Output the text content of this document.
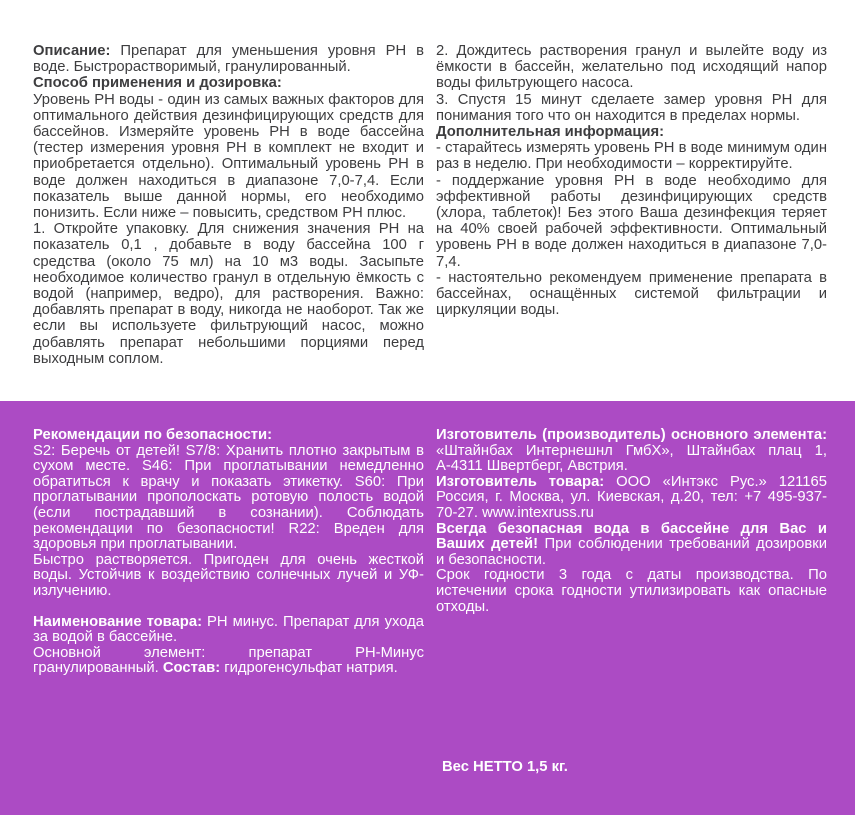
Описание: Препарат для уменьшения уровня PH в воде. Быстрорастворимый, гранулированный.

Способ применения и дозировка:

Уровень PH воды - один из самых важных факторов для оптимального действия дезинфицирующих средств для бассейнов. Измеряйте уровень PH в воде бассейна (тестер измерения уровня PH в комплект не входит и приобретается отдельно). Оптимальный уровень PH в воде должен находиться в диапазоне 7,0-7,4. Если показатель выше данной нормы, его необходимо понизить. Если ниже – повысить, средством PH плюс.

1. Откройте упаковку. Для снижения значения PH на показатель 0,1 , добавьте в воду бассейна 100 г средства (около 75 мл) на 10 м3 воды. Засыпьте необходимое количество гранул в отдельную ёмкость с водой (например, ведро), для растворения. Важно: добавлять препарат в воду, никогда не наоборот. Так же если вы используете фильтрующий насос, можно добавлять препарат небольшими порциями перед выходным соплом.

2. Дождитесь растворения гранул и вылейте воду из ёмкости в бассейн, желательно под исходящий напор воды фильтрующего насоса.

3. Спустя 15 минут сделаете замер уровня PH для понимания того что он находится в пределах нормы.

Дополнительная информация:

- старайтесь измерять уровень PH в воде минимум один раз в неделю. При необходимости – корректируйте.

- поддержание уровня PH в воде необходимо для эффективной работы дезинфицирующих средств (хлора, таблеток)! Без этого Ваша дезинфекция теряет на 40% своей рабочей эффективности. Оптимальный уровень PH в воде должен находиться в диапазоне 7,0-7,4.

- настоятельно рекомендуем применение препарата в бассейнах, оснащённых системой фильтрации и циркуляции воды.

Рекомендации по безопасности:

S2: Беречь от детей! S7/8: Хранить плотно закрытым в сухом месте. S46: При проглатывании немедленно обратиться к врачу и показать этикетку. S60: При проглатывании прополоскать ротовую полость водой (если пострадавший в сознании). Соблюдать рекомендации по безопасности! R22: Вреден для здоровья при проглатывании.

Быстро растворяется. Пригоден для очень жесткой воды. Устойчив к воздействию солнечных лучей и УФ-излучению.

Наименование товара: PH минус. Препарат для ухода за водой в бассейне.

Основной элемент: препарат PH-Минус гранулированный. Состав: гидрогенсульфат натрия.

Изготовитель (производитель) основного элемента: «Штайнбах Интернешнл ГмбХ», Штайнбах плац 1, А-4311 Швертберг, Австрия.

Изготовитель товара: ООО «Интэкс Рус.» 121165 Россия, г. Москва, ул. Киевская, д.20, тел: +7 495-937-70-27. www.intexruss.ru

Всегда безопасная вода в бассейне для Вас и Ваших детей! При соблюдении требований дозировки и безопасности.

Срок годности 3 года с даты производства. По истечении срока годности утилизировать как опасные отходы.

Вес НЕТТО 1,5 кг.
